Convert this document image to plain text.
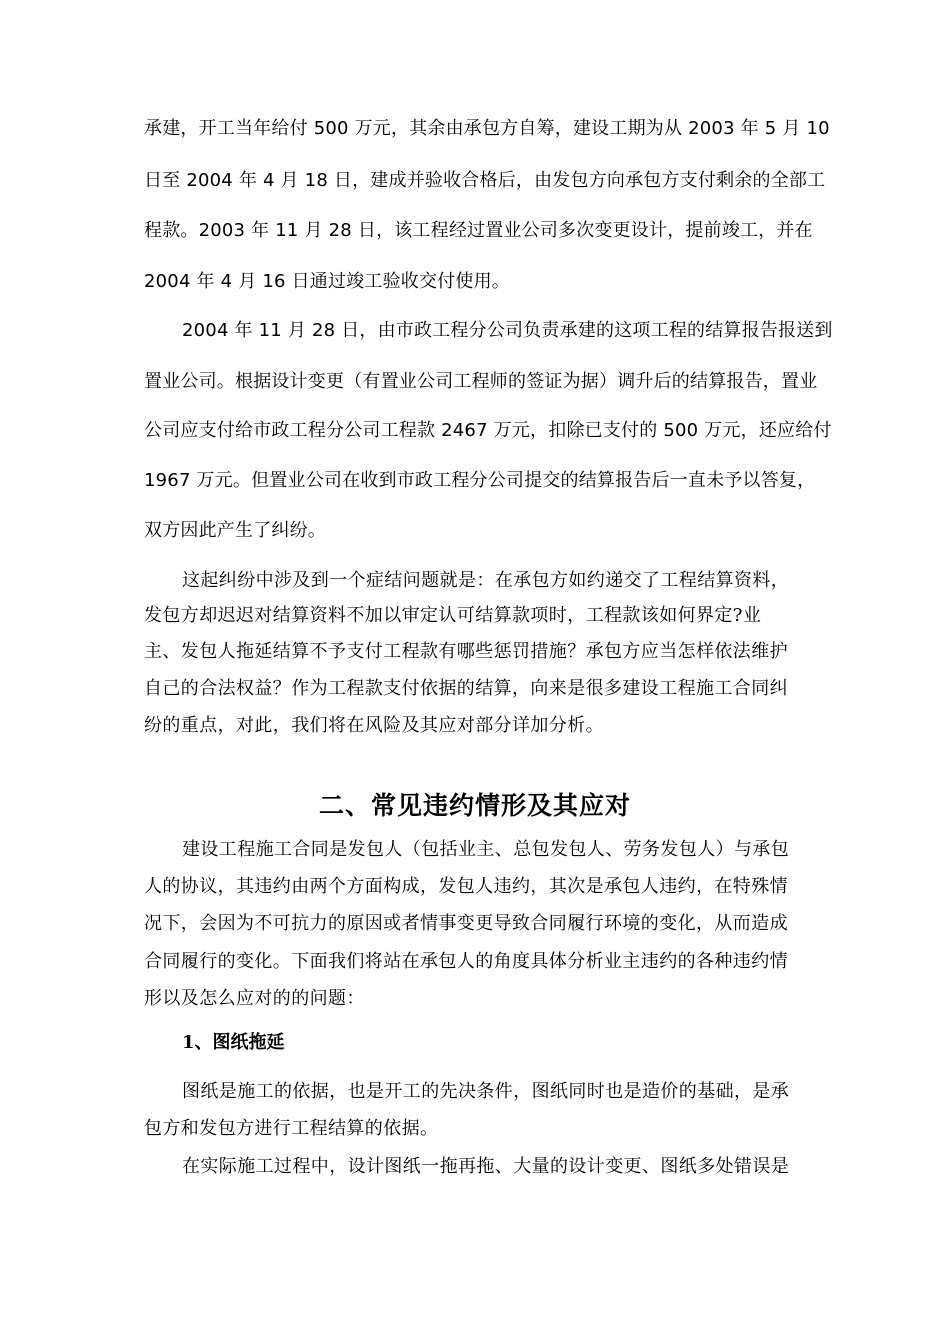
承建，开工当年给付 500 万元，其余由承包方自筹，建设工期为从 2003 年 5 月 10
日至 2004 年 4 月 18 日，建成并验收合格后，由发包方向承包方支付剩余的全部工
程款。2003 年 11 月 28 日，该工程经过置业公司多次变更设计，提前竣工，并在
2004 年 4 月 16 日通过竣工验收交付使用。
2004 年 11 月 28 日，由市政工程分公司负责承建的这项工程的结算报告报送到
置业公司。根据设计变更（有置业公司工程师的签证为据）调升后的结算报告，置业
公司应支付给市政工程分公司工程款 2467 万元，扣除已支付的 500 万元，还应给付
1967 万元。但置业公司在收到市政工程分公司提交的结算报告后一直未予以答复，
双方因此产生了纠纷。
这起纠纷中涉及到一个症结问题就是：在承包方如约递交了工程结算资料，
发包方却迟迟对结算资料不加以审定认可结算款项时，工程款该如何界定?业
主、发包人拖延结算不予支付工程款有哪些惩罚措施？承包方应当怎样依法维护
自己的合法权益？作为工程款支付依据的结算，向来是很多建设工程施工合同纠
纷的重点，对此，我们将在风险及其应对部分详加分析。
二、常见违约情形及其应对
建设工程施工合同是发包人（包括业主、总包发包人、劳务发包人）与承包
人的协议，其违约由两个方面构成，发包人违约，其次是承包人违约，在特殊情
况下，会因为不可抗力的原因或者情事变更导致合同履行环境的变化，从而造成
合同履行的变化。下面我们将站在承包人的角度具体分析业主违约的各种违约情
形以及怎么应对的的问题：
1、图纸拖延
图纸是施工的依据，也是开工的先决条件，图纸同时也是造价的基础，是承
包方和发包方进行工程结算的依据。
在实际施工过程中，设计图纸一拖再拖、大量的设计变更、图纸多处错误是
